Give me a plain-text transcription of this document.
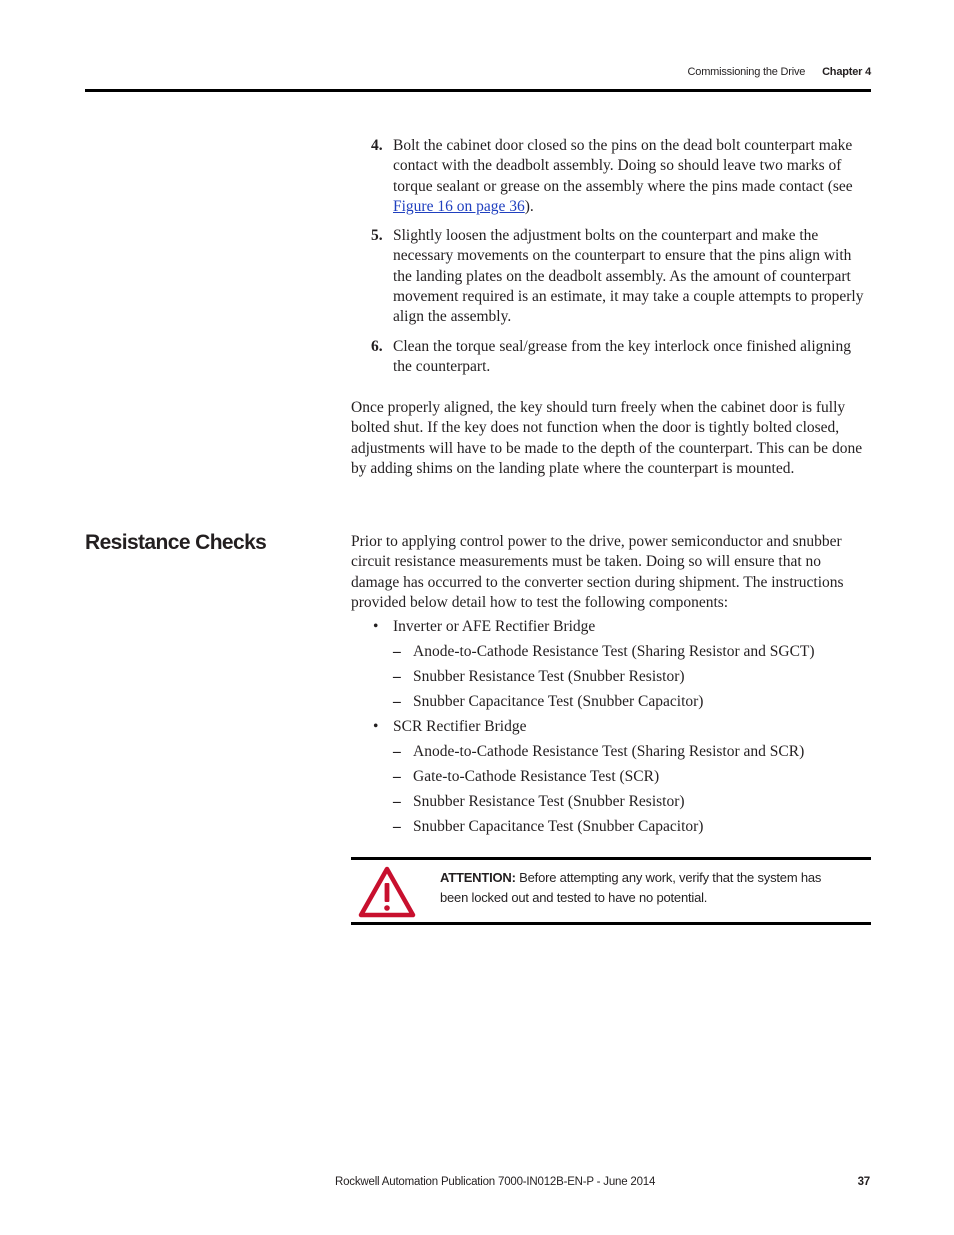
Commissioning the Drive Chapter 4
4. Bolt the cabinet door closed so the pins on the dead bolt counterpart make contact with the deadbolt assembly. Doing so should leave two marks of torque sealant or grease on the assembly where the pins made contact (see Figure 16 on page 36).
5. Slightly loosen the adjustment bolts on the counterpart and make the necessary movements on the counterpart to ensure that the pins align with the landing plates on the deadbolt assembly. As the amount of counterpart movement required is an estimate, it may take a couple attempts to properly align the assembly.
6. Clean the torque seal/grease from the key interlock once finished aligning the counterpart.
Once properly aligned, the key should turn freely when the cabinet door is fully bolted shut. If the key does not function when the door is tightly bolted closed, adjustments will have to be made to the depth of the counterpart. This can be done by adding shims on the landing plate where the counterpart is mounted.
Resistance Checks	Prior to applying control power to the drive, power semiconductor and snubber circuit resistance measurements must be taken. Doing so will ensure that no damage has occurred to the converter section during shipment. The instructions provided below detail how to test the following components:
• Inverter or AFE Rectifier Bridge
– Anode-to-Cathode Resistance Test (Sharing Resistor and SGCT)
– Snubber Resistance Test (Snubber Resistor)
– Snubber Capacitance Test (Snubber Capacitor)
• SCR Rectifier Bridge
– Anode-to-Cathode Resistance Test (Sharing Resistor and SCR)
– Gate-to-Cathode Resistance Test (SCR)
– Snubber Resistance Test (Snubber Resistor)
– Snubber Capacitance Test (Snubber Capacitor)
ATTENTION: Before attempting any work, verify that the system has been locked out and tested to have no potential.
Rockwell Automation Publication 7000-IN012B-EN-P - June 2014	37
